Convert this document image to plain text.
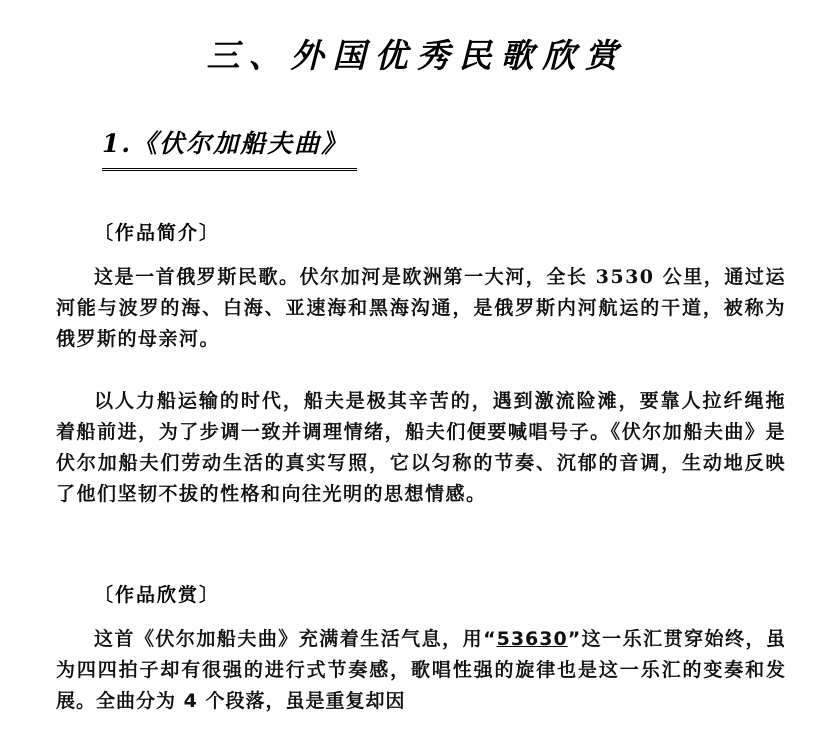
三、外国优秀民歌欣赏
1.《伏尔加船夫曲》
〔作品简介〕

这是一首俄罗斯民歌。伏尔加河是欧洲第一大河，全长 3530 公里，通过运河能与波罗的海、白海、亚速海和黑海沟通，是俄罗斯内河航运的干道，被称为俄罗斯的母亲河。

以人力船运输的时代，船夫是极其辛苦的，遇到激流险滩，要靠人拉纤绳拖着船前进，为了步调一致并调理情绪，船夫们便要喊唱号子。《伏尔加船夫曲》是伏尔加船夫们劳动生活的真实写照，它以匀称的节奏、沉郁的音调，生动地反映了他们坚韧不拔的性格和向往光明的思想情感。

〔作品欣赏〕

这首《伏尔加船夫曲》充满着生活气息，用“53630”这一乐汇贯穿始终，虽为四四拍子却有很强的进行式节奏感，歌唱性强的旋律也是这一乐汇的变奏和发展。全曲分为 4 个段落，虽是重复却因
